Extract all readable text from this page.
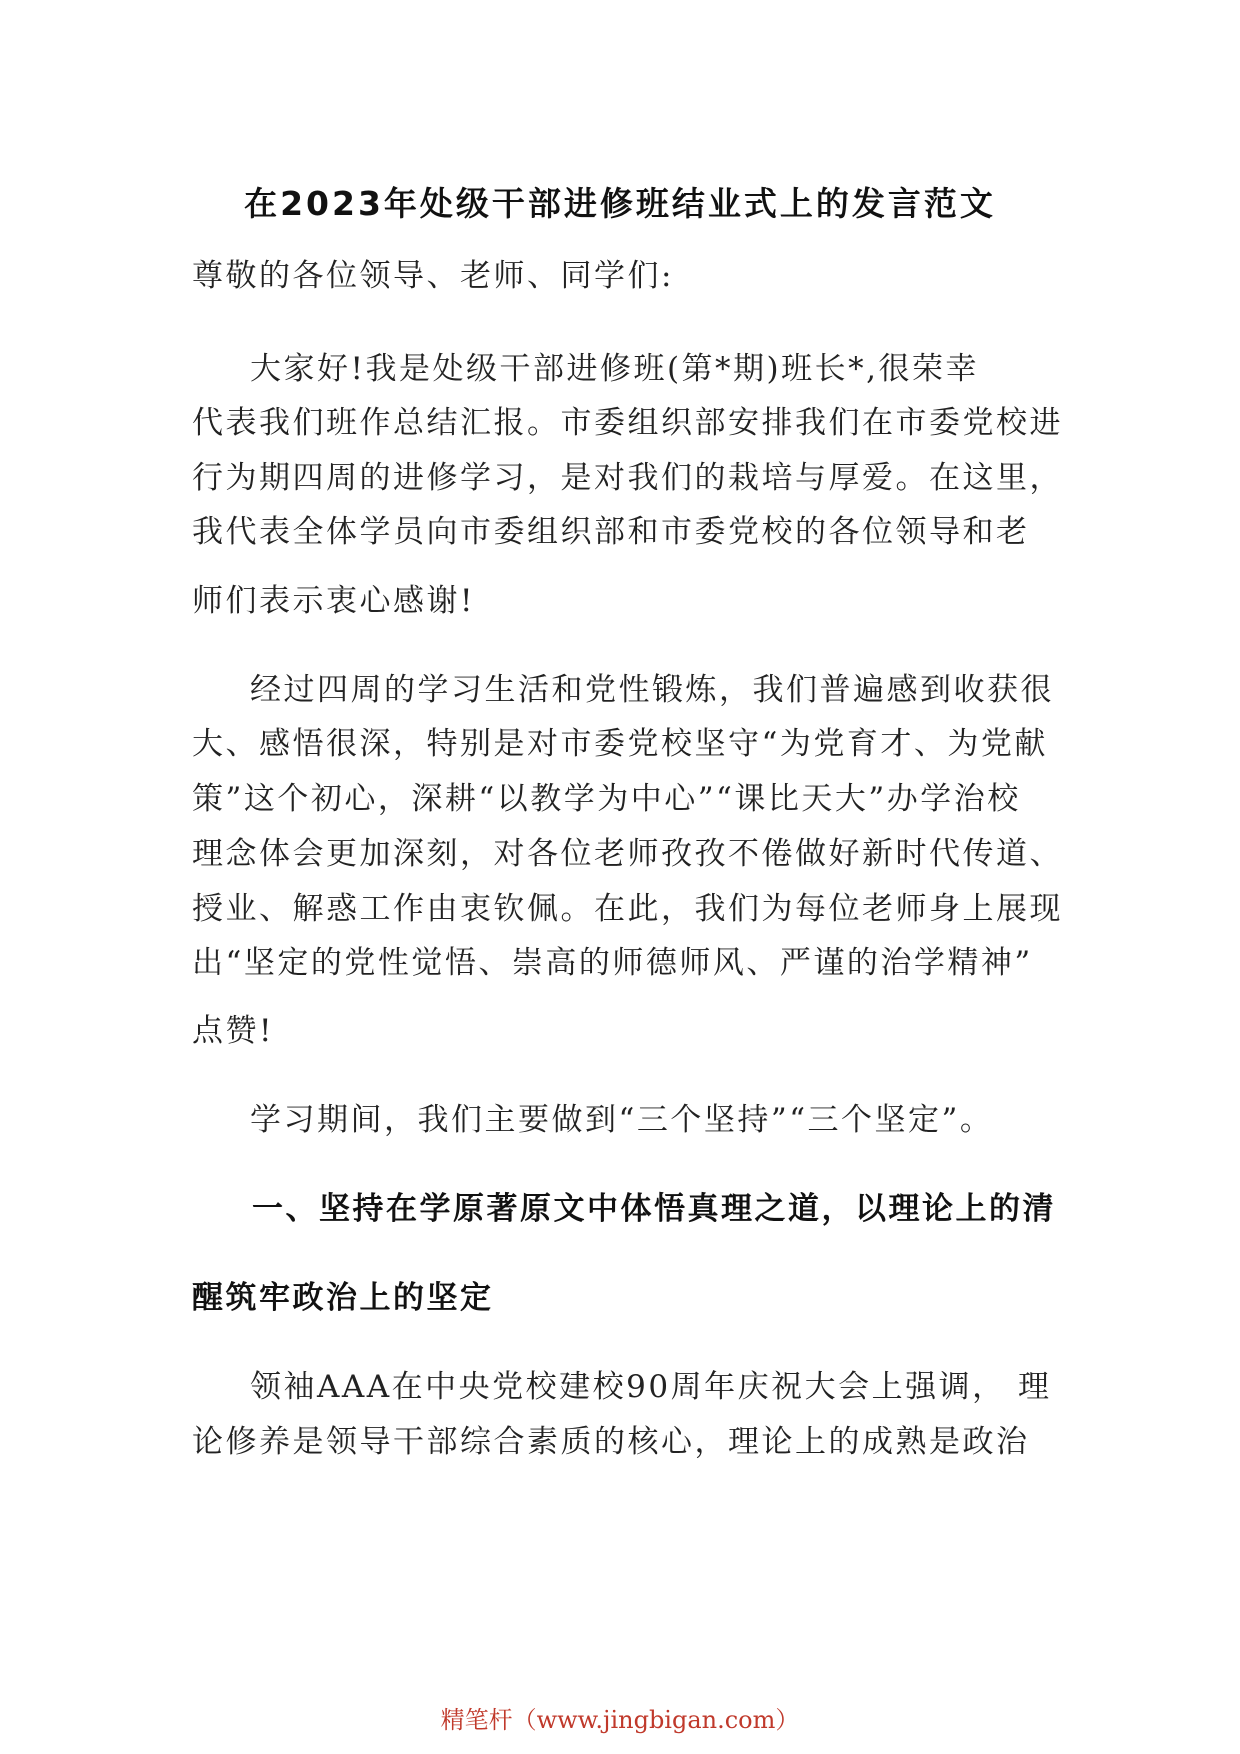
在2023年处级干部进修班结业式上的发言范文
尊敬的各位领导、老师、同学们:
大家好!我是处级干部进修班(第*期)班长*,很荣幸
代表我们班作总结汇报。市委组织部安排我们在市委党校进
行为期四周的进修学习，是对我们的栽培与厚爱。在这里，
我代表全体学员向市委组织部和市委党校的各位领导和老
师们表示衷心感谢!
经过四周的学习生活和党性锻炼，我们普遍感到收获很
大、感悟很深，特别是对市委党校坚守“为党育才、为党献
策”这个初心，深耕“以教学为中心”“课比天大”办学治校
理念体会更加深刻，对各位老师孜孜不倦做好新时代传道、
授业、解惑工作由衷钦佩。在此，我们为每位老师身上展现
出“坚定的党性觉悟、崇高的师德师风、严谨的治学精神”
点赞!
学习期间，我们主要做到“三个坚持”“三个坚定”。
一、坚持在学原著原文中体悟真理之道，以理论上的清
醒筑牢政治上的坚定
领袖AAA在中央党校建校90周年庆祝大会上强调， 理
论修养是领导干部综合素质的核心，理论上的成熟是政治
精笔杆（www.jingbigan.com）
